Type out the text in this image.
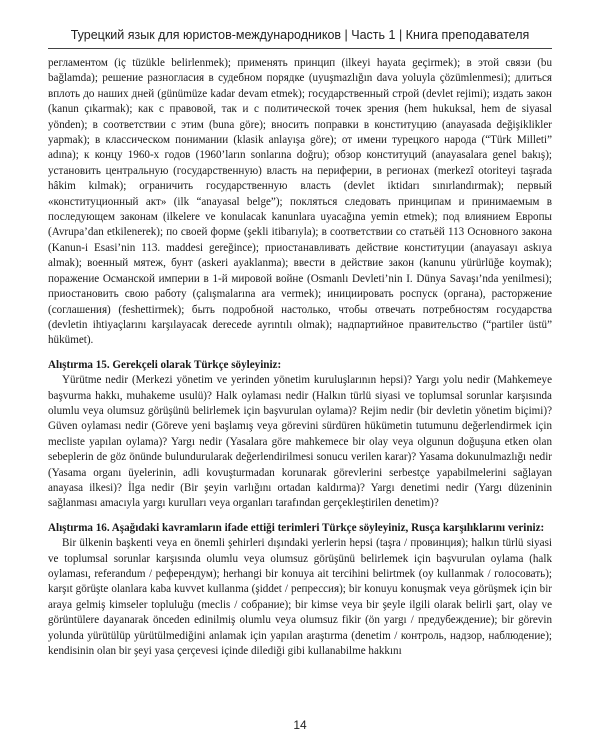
Турецкий язык для юристов-международников | Часть 1 | Книга преподавателя

регламентом (iç tüzükle belirlenmek); применять принцип (ilkeyi hayata geçirmek); в этой связи (bu bağlamda); решение разногласия в судебном порядке (uyuşmazlığın dava yoluyla çözümlenmesi); длиться вплоть до наших дней (günümüze kadar devam etmek); государственный строй (devlet rejimi); издать закон (kanun çıkarmak); как с правовой, так и с политической точек зрения (hem hukuksal, hem de siyasal yönden); в соответствии с этим (buna göre); вносить поправки в конституцию (anayasada değişiklikler yapmak); в классическом понимании (klasik anlayışa göre); от имени турецкого народа (“Türk Milleti” adına); к концу 1960-х годов (1960’ların sonlarına doğru); обзор конституций (anayasalara genel bakış); установить центральную (государственную) власть на периферии, в регионах (merkezî otoriteyi taşrada hâkim kılmak); ограничить государственную власть (devlet iktidarı sınırlandırmak); первый «конституционный акт» (ilk “anayasal belge”); покляться следовать принципам и принимаемым в последующем законам (ilkelere ve konulacak kanunlara uyacağına yemin etmek); под влиянием Европы (Avrupa’dan etkilenerek); по своей форме (şekli itibarıyla); в соответствии со статьёй 113 Основного закона (Kanun-i Esasi’nin 113. maddesi gereğince); приостанавливать действие конституции (anayasayı askıya almak); военный мятеж, бунт (askeri ayaklanma); ввести в действие закон (kanunu yürürlüğe koymak); поражение Османской империи в 1-й мировой войне (Osmanlı Devleti’nin I. Dünya Savaşı’nda yenilmesi); приостановить свою работу (çalışmalarına ara vermek); инициировать роспуск (органа), расторжение (соглашения) (feshettirmek); быть подробной настолько, чтобы отвечать потребностям государства (devletin ihtiyaçlarını karşılayacak derecede ayrıntılı olmak); надпартийное правительство (“partiler üstü” hükümet).

Alıştırma 15. Gerekçeli olarak Türkçe söyleyiniz:

Yürütme nedir (Merkezi yönetim ve yerinden yönetim kuruluşlarının hepsi)? Yargı yolu nedir (Mahkemeye başvurma hakkı, muhakeme usulü)? Halk oylaması nedir (Halkın türlü siyasi ve toplumsal sorunlar karşısında olumlu veya olumsuz görüşünü belirlemek için başvurulan oylama)? Rejim nedir (bir devletin yönetim biçimi)? Güven oylaması nedir (Göreve yeni başlamış veya görevini sürdüren hükümetin tutumunu değerlendirmek için mecliste yapılan oylama)? Yargı nedir (Yasalara göre mahkemece bir olay veya olgunun doğuşuna etken olan sebeplerin de göz önünde bulundurularak değerlendirilmesi sonucu verilen karar)? Yasama dokunulmazlığı nedir (Yasama organı üyelerinin, adli kovuşturmadan korunarak görevlerini serbestçe yapabilmelerini sağlayan anayasa ilkesi)? İlga nedir (Bir şeyin varlığını ortadan kaldırma)? Yargı denetimi nedir (Yargı düzeninin sağlanması amacıyla yargı kurulları veya organları tarafından gerçekleştirilen denetim)?

Alıştırma 16. Aşağıdaki kavramların ifade ettiği terimleri Türkçe söyleyiniz, Rusça karşılıklarını veriniz:

Bir ülkenin başkenti veya en önemli şehirleri dışındaki yerlerin hepsi (taşra / провинция); halkın türlü siyasi ve toplumsal sorunlar karşısında olumlu veya olumsuz görüşünü belirlemek için başvurulan oylama (halk oylaması, referandum / референдум); herhangi bir konuya ait tercihini belirtmek (oy kullanmak / голосовать); karşıt görüşte olanlara kaba kuvvet kullanma (şiddet / репрессия); bir konuyu konuşmak veya görüşmek için bir araya gelmiş kimseler topluluğu (meclis / собрание); bir kimse veya bir şeyle ilgili olarak belirli şart, olay ve görüntülere dayanarak önceden edinilmiş olumlu veya olumsuz fikir (ön yargı / предубеждение); bir görevin yolunda yürütülüp yürütülmediğini anlamak için yapılan araştırma (denetim / контроль, надзор, наблюдение); kendisinin olan bir şeyi yasa çerçevesi içinde dilediği gibi kullanabilme hakkını

14
